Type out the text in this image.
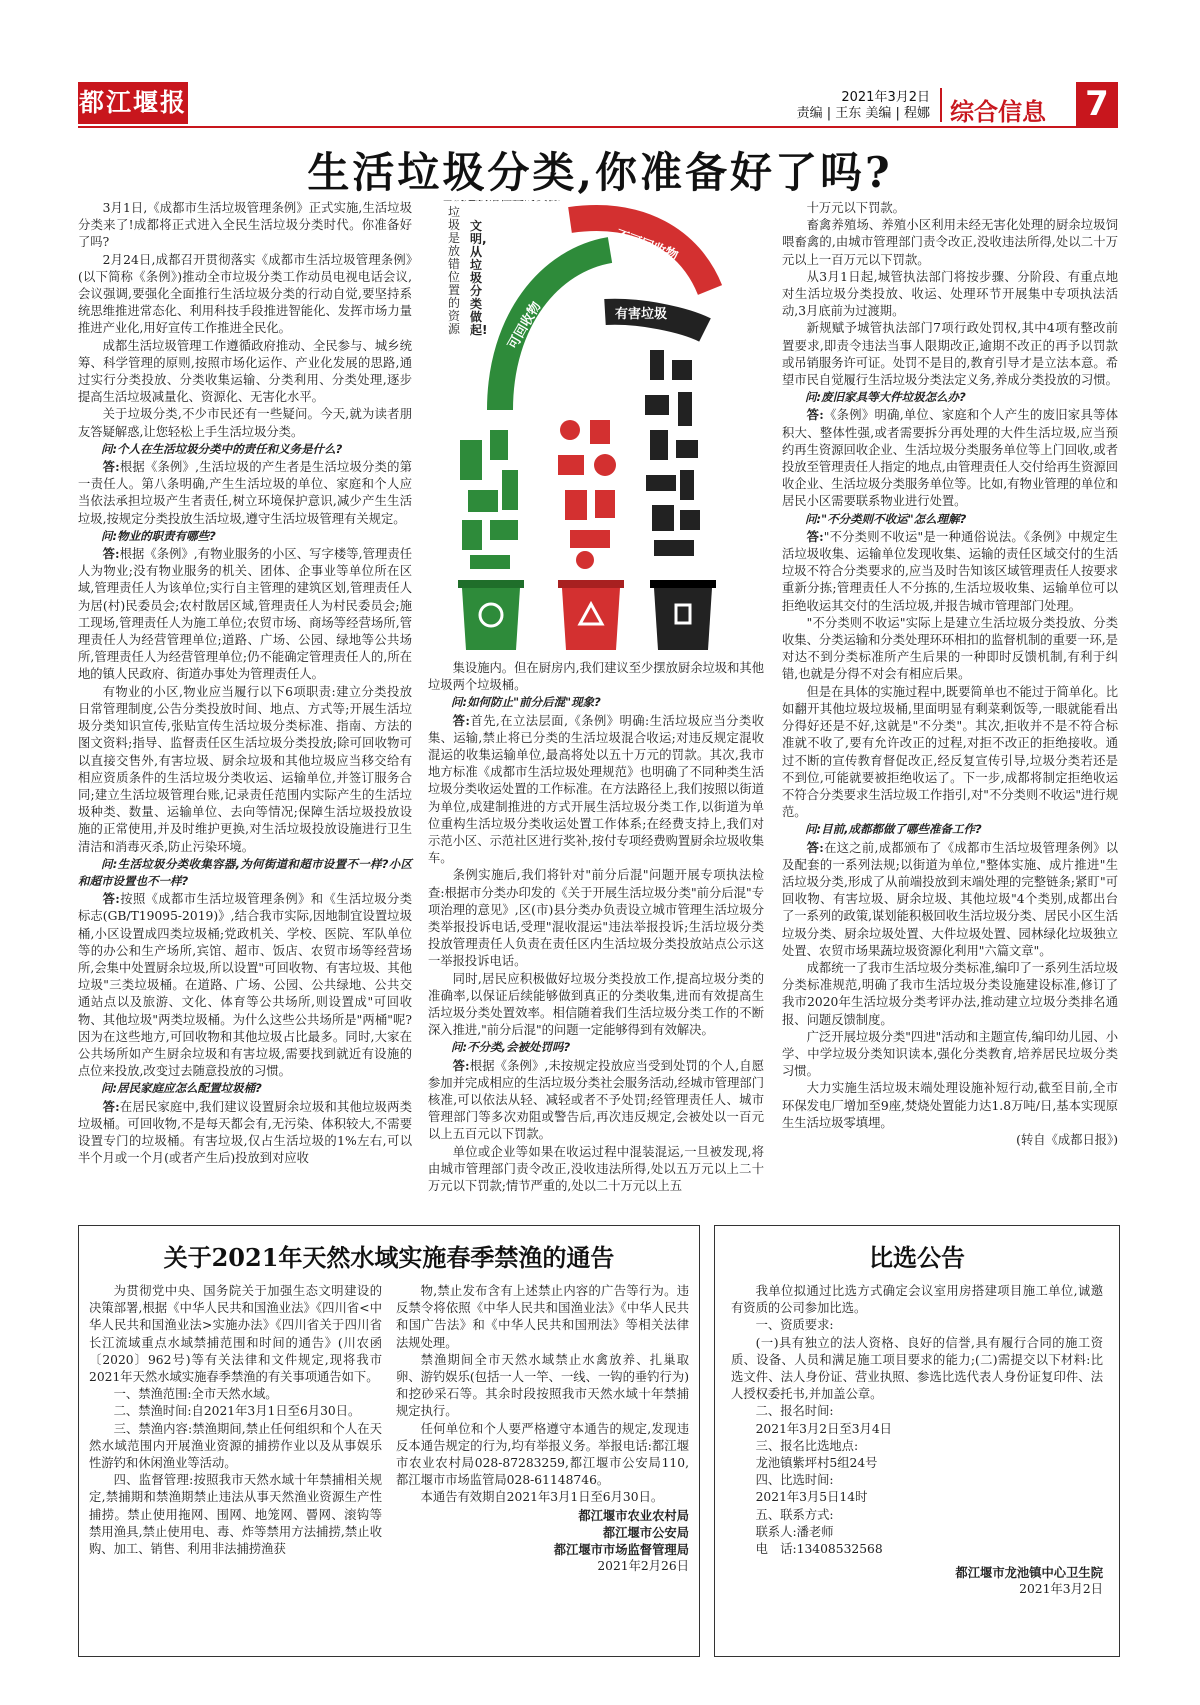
都江堰报	2021年3月2日
责编 | 王东 美编 | 程娜 综合信息 7
生活垃圾分类,你准备好了吗?

3月1日,《成都市生活垃圾管理条例》正式实施,生活垃圾分类来了!成都将正式进入全民生活垃圾分类时代。你准备好了吗?

2月24日,成都召开贯彻落实《成都市生活垃圾管理条例》(以下简称《条例》)推动全市垃圾分类工作动员电视电话会议,会议强调,要强化全面推行生活垃圾分类的行动自觉,要坚持系统思维推进常态化、利用科技手段推进智能化、发挥市场力量推进产业化,用好宣传工作推进全民化。

成都生活垃圾管理工作遵循政府推动、全民参与、城乡统筹、科学管理的原则,按照市场化运作、产业化发展的思路,通过实行分类投放、分类收集运输、分类利用、分类处理,逐步提高生活垃圾减量化、资源化、无害化水平。

关于垃圾分类,不少市民还有一些疑问。今天,就为读者朋友答疑解惑,让您轻松上手生活垃圾分类。

问:个人在生活垃圾分类中的责任和义务是什么?

答:根据《条例》,生活垃圾的产生者是生活垃圾分类的第一责任人。第八条明确,产生生活垃圾的单位、家庭和个人应当依法承担垃圾产生者责任,树立环境保护意识,减少产生生活垃圾,按规定分类投放生活垃圾,遵守生活垃圾管理有关规定。

问:物业的职责有哪些?

答:根据《条例》,有物业服务的小区、写字楼等,管理责任人为物业;没有物业服务的机关、团体、企事业等单位所在区域,管理责任人为该单位;实行自主管理的建筑区划,管理责任人为居(村)民委员会;农村散居区域,管理责任人为村民委员会;施工现场,管理责任人为施工单位;农贸市场、商场等经营场所,管理责任人为经营管理单位;道路、广场、公园、绿地等公共场所,管理责任人为经营管理单位;仍不能确定管理责任人的,所在地的镇人民政府、街道办事处为管理责任人。

有物业的小区,物业应当履行以下6项职责:建立分类投放日常管理制度,公告分类投放时间、地点、方式等;开展生活垃圾分类知识宣传,张贴宣传生活垃圾分类标准、指南、方法的图文资料;指导、监督责任区生活垃圾分类投放;除可回收物可以直接交售外,有害垃圾、厨余垃圾和其他垃圾应当移交给有相应资质条件的生活垃圾分类收运、运输单位,并签订服务合同;建立生活垃圾管理台账,记录责任范围内实际产生的生活垃圾种类、数量、运输单位、去向等情况;保障生活垃圾投放设施的正常使用,并及时维护更换,对生活垃圾投放设施进行卫生清洁和消毒灭杀,防止污染环境。

问:生活垃圾分类收集容器,为何街道和超市设置不一样?小区和超市设置也不一样?

答:按照《成都市生活垃圾管理条例》和《生活垃圾分类标志(GB/T19095-2019)》,结合我市实际,因地制宜设置垃圾桶,小区设置成四类垃圾桶;党政机关、学校、医院、军队单位等的办公和生产场所,宾馆、超市、饭店、农贸市场等经营场所,会集中处置厨余垃圾,所以设置"可回收物、有害垃圾、其他垃圾"三类垃圾桶。在道路、广场、公园、公共绿地、公共交通站点以及旅游、文化、体育等公共场所,则设置成"可回收物、其他垃圾"两类垃圾桶。为什么这些公共场所是"两桶"呢?因为在这些地方,可回收物和其他垃圾占比最多。同时,大家在公共场所如产生厨余垃圾和有害垃圾,需要找到就近有设施的点位来投放,改变过去随意投放的习惯。

问:居民家庭应怎么配置垃圾桶?

答:在居民家庭中,我们建议设置厨余垃圾和其他垃圾两类垃圾桶。可回收物,不是每天都会有,无污染、体积较大,不需要设置专门的垃圾桶。有害垃圾,仅占生活垃圾的1%左右,可以半个月或一个月(或者产生后)投放到对应收

可回收物
不可回收物
有害垃圾
垃圾是放错位置的资源
文明,从垃圾分类做起!

集设施内。但在厨房内,我们建议至少摆放厨余垃圾和其他垃圾两个垃圾桶。

问:如何防止"前分后混"现象?

答:首先,在立法层面,《条例》明确:生活垃圾应当分类收集、运输,禁止将已分类的生活垃圾混合收运;对违反规定混收混运的收集运输单位,最高将处以五十万元的罚款。其次,我市地方标准《成都市生活垃圾处理规范》也明确了不同种类生活垃圾分类收运处置的工作标准。在方法路径上,我们按照以街道为单位,成建制推进的方式开展生活垃圾分类工作,以街道为单位重构生活垃圾分类收运处置工作体系;在经费支持上,我们对示范小区、示范社区进行奖补,按付专项经费购置厨余垃圾收集车。

条例实施后,我们将针对"前分后混"问题开展专项执法检查:根据市分类办印发的《关于开展生活垃圾分类"前分后混"专项治理的意见》,区(市)县分类办负责设立城市管理生活垃圾分类举报投诉电话,受理"混收混运"违法举报投诉;生活垃圾分类投放管理责任人负责在责任区内生活垃圾分类投放站点公示这一举报投诉电话。

同时,居民应积极做好垃圾分类投放工作,提高垃圾分类的准确率,以保证后续能够做到真正的分类收集,进而有效提高生活垃圾分类处置效率。相信随着我们生活垃圾分类工作的不断深入推进,"前分后混"的问题一定能够得到有效解决。

问:不分类,会被处罚吗?

答:根据《条例》,未按规定投放应当受到处罚的个人,自愿参加并完成相应的生活垃圾分类社会服务活动,经城市管理部门核准,可以依法从轻、减轻或者不予处罚;经管理责任人、城市管理部门等多次劝阻或警告后,再次违反规定,会被处以一百元以上五百元以下罚款。

单位或企业等如果在收运过程中混装混运,一旦被发现,将由城市管理部门责令改正,没收违法所得,处以五万元以上二十万元以下罚款;情节严重的,处以二十万元以上五

十万元以下罚款。

畜禽养殖场、养殖小区利用未经无害化处理的厨余垃圾饲喂畜禽的,由城市管理部门责令改正,没收违法所得,处以二十万元以上一百万元以下罚款。

从3月1日起,城管执法部门将按步骤、分阶段、有重点地对生活垃圾分类投放、收运、处理环节开展集中专项执法活动,3月底前为过渡期。

新规赋予城管执法部门7项行政处罚权,其中4项有整改前置要求,即责令违法当事人限期改正,逾期不改正的再予以罚款或吊销服务许可证。处罚不是目的,教育引导才是立法本意。希望市民自觉履行生活垃圾分类法定义务,养成分类投放的习惯。

问:废旧家具等大件垃圾怎么办?

答:《条例》明确,单位、家庭和个人产生的废旧家具等体积大、整体性强,或者需要拆分再处理的大件生活垃圾,应当预约再生资源回收企业、生活垃圾分类服务单位等上门回收,或者投放至管理责任人指定的地点,由管理责任人交付给再生资源回收企业、生活垃圾分类服务单位等。比如,有物业管理的单位和居民小区需要联系物业进行处置。

问:"不分类则不收运"怎么理解?

答:"不分类则不收运"是一种通俗说法。《条例》中规定生活垃圾收集、运输单位发现收集、运输的责任区域交付的生活垃圾不符合分类要求的,应当及时告知该区域管理责任人按要求重新分拣;管理责任人不分拣的,生活垃圾收集、运输单位可以拒绝收运其交付的生活垃圾,并报告城市管理部门处理。

"不分类则不收运"实际上是建立生活垃圾分类投放、分类收集、分类运输和分类处理环环相扣的监督机制的重要一环,是对达不到分类标准所产生后果的一种即时反馈机制,有利于纠错,也就是分得不对会有相应后果。

但是在具体的实施过程中,既要简单也不能过于简单化。比如翻开其他垃圾垃圾桶,里面明显有剩菜剩饭等,一眼就能看出分得好还是不好,这就是"不分类"。其次,拒收并不是不符合标准就不收了,要有允许改正的过程,对拒不改正的拒绝接收。通过不断的宣传教育督促改正,经反复宣传引导,垃圾分类若还是不到位,可能就要被拒绝收运了。下一步,成都将制定拒绝收运不符合分类要求生活垃圾工作指引,对"不分类则不收运"进行规范。

问:目前,成都都做了哪些准备工作?

答:在这之前,成都颁布了《成都市生活垃圾管理条例》以及配套的一系列法规;以街道为单位,"整体实施、成片推进"生活垃圾分类,形成了从前端投放到末端处理的完整链条;紧盯"可回收物、有害垃圾、厨余垃圾、其他垃圾"4个类别,成都出台了一系列的政策,谋划能积极回收生活垃圾分类、居民小区生活垃圾分类、厨余垃圾处置、大件垃圾处置、园林绿化垃圾独立处置、农贸市场果蔬垃圾资源化利用"六篇文章"。

成都统一了我市生活垃圾分类标准,编印了一系列生活垃圾分类标准规范,明确了我市生活垃圾分类设施建设标准,修订了我市2020年生活垃圾分类考评办法,推动建立垃圾分类排名通报、问题反馈制度。

广泛开展垃圾分类"四进"活动和主题宣传,编印幼儿园、小学、中学垃圾分类知识读本,强化分类教育,培养居民垃圾分类习惯。

大力实施生活垃圾末端处理设施补短行动,截至目前,全市环保发电厂增加至9座,焚烧处置能力达1.8万吨/日,基本实现原生生活垃圾零填埋。

(转自《成都日报》)

关于2021年天然水域实施春季禁渔的通告

为贯彻党中央、国务院关于加强生态文明建设的决策部署,根据《中华人民共和国渔业法》《四川省<中华人民共和国渔业法>实施办法》《四川省关于四川省长江流域重点水域禁捕范围和时间的通告》(川农函〔2020〕962号)等有关法律和文件规定,现将我市2021年天然水域实施春季禁渔的有关事项通告如下。

一、禁渔范围:全市天然水域。

二、禁渔时间:自2021年3月1日至6月30日。

三、禁渔内容:禁渔期间,禁止任何组织和个人在天然水域范围内开展渔业资源的捕捞作业以及从事娱乐性游钓和休闲渔业等活动。

四、监督管理:按照我市天然水域十年禁捕相关规定,禁捕期和禁渔期禁止违法从事天然渔业资源生产性捕捞。禁止使用拖网、围网、地笼网、罾网、滚钩等禁用渔具,禁止使用电、毒、炸等禁用方法捕捞,禁止收购、加工、销售、利用非法捕捞渔获

物,禁止发布含有上述禁止内容的广告等行为。违反禁令将依照《中华人民共和国渔业法》《中华人民共和国广告法》和《中华人民共和国刑法》等相关法律法规处理。

禁渔期间全市天然水域禁止水禽放养、扎巢取卵、游钓娱乐(包括一人一竿、一线、一钩的垂钓行为)和挖砂采石等。其余时段按照我市天然水域十年禁捕规定执行。

任何单位和个人要严格遵守本通告的规定,发现违反本通告规定的行为,均有举报义务。举报电话:都江堰市农业农村局028-87283259,都江堰市公安局110,都江堰市市场监管局028-61148746。

本通告有效期自2021年3月1日至6月30日。

都江堰市农业农村局

都江堰市公安局

都江堰市市场监督管理局

2021年2月26日

比选公告

我单位拟通过比选方式确定会议室用房搭建项目施工单位,诚邀有资质的公司参加比选。

一、资质要求:

(一)具有独立的法人资格、良好的信誉,具有履行合同的施工资质、设备、人员和满足施工项目要求的能力;(二)需提交以下材料:比选文件、法人身份证、营业执照、参选比选代表人身份证复印件、法人授权委托书,并加盖公章。

二、报名时间:

2021年3月2日至3月4日

三、报名比选地点:

龙池镇紫坪村5组24号

四、比选时间:

2021年3月5日14时

五、联系方式:

联系人:潘老师

电　话:13408532568

都江堰市龙池镇中心卫生院

2021年3月2日
